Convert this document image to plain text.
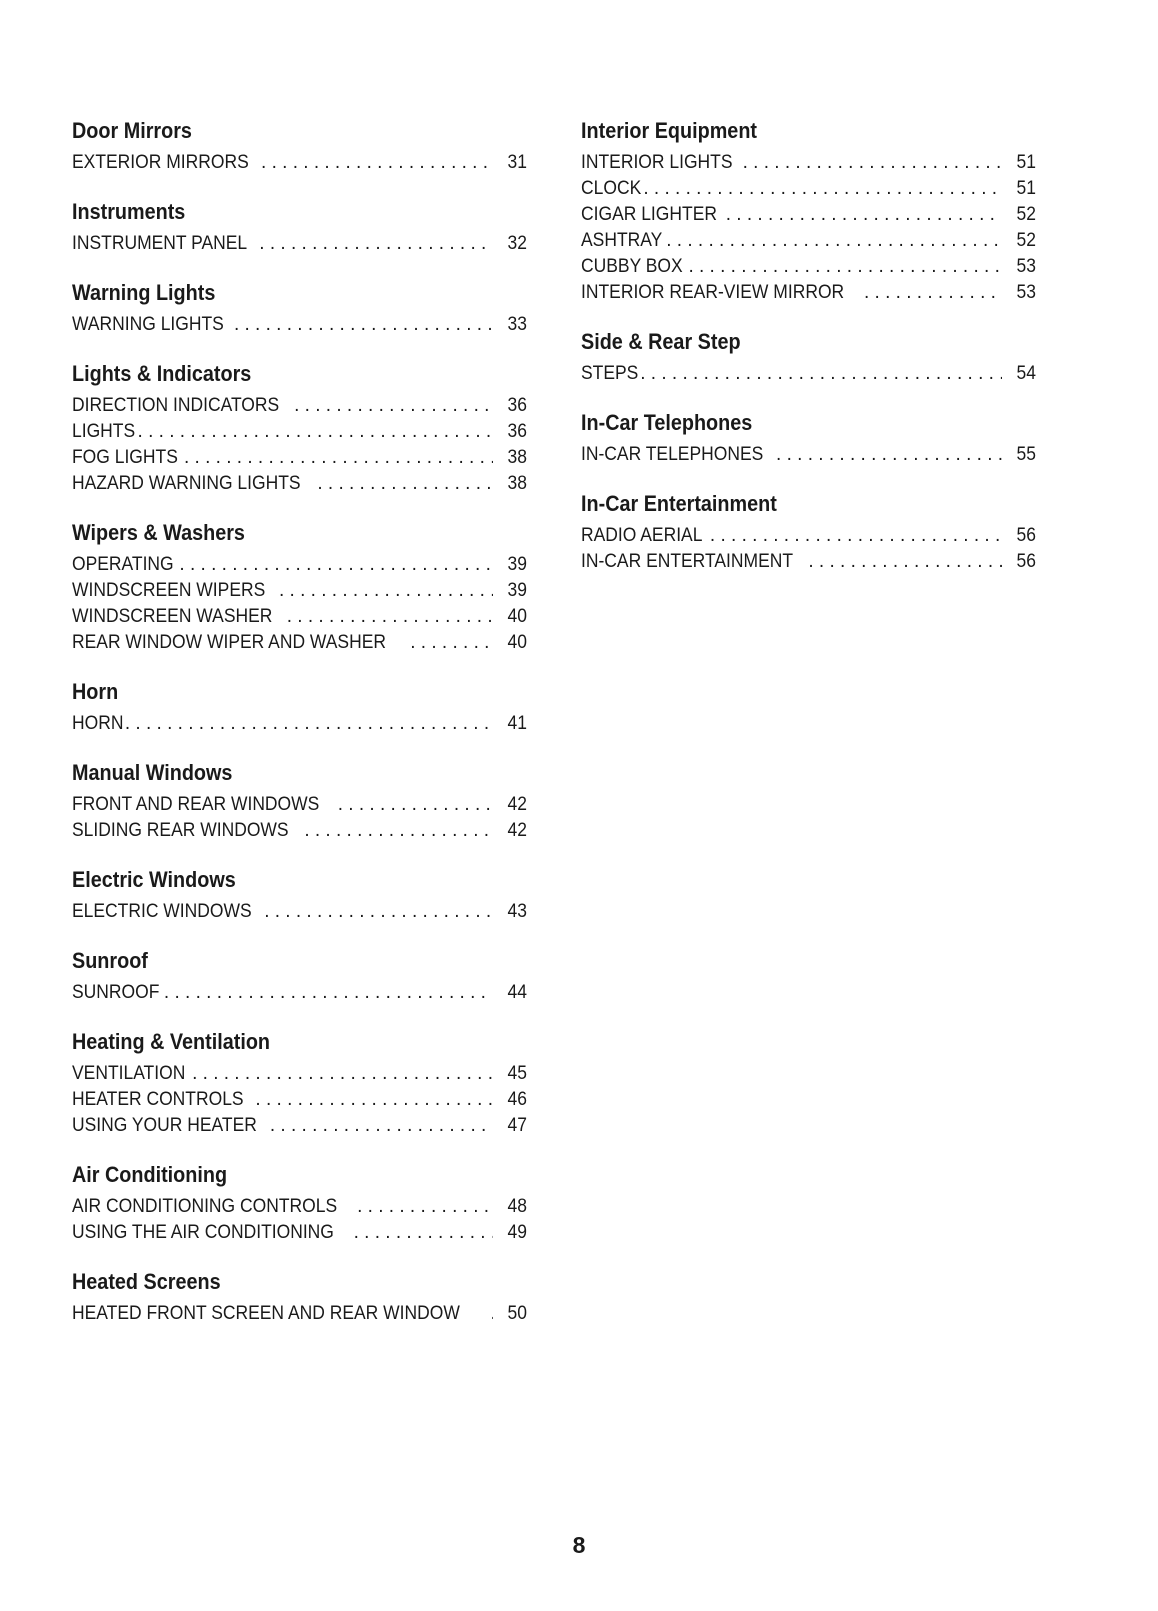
Door Mirrors
EXTERIOR MIRRORS . . .	31
Instruments
INSTRUMENT PANEL . . .	32
Warning Lights
WARNING LIGHTS . . .	33
Lights & Indicators
DIRECTION INDICATORS . . .	36
LIGHTS . . .	36
FOG LIGHTS . . .	38
HAZARD WARNING LIGHTS . . .	38
Wipers & Washers
OPERATING . . .	39
WINDSCREEN WIPERS . . .	39
WINDSCREEN WASHER . . .	40
REAR WINDOW WIPER AND WASHER . . .	40
Horn
HORN . . .	41
Manual Windows
FRONT AND REAR WINDOWS . . .	42
SLIDING REAR WINDOWS . . .	42
Electric Windows
ELECTRIC WINDOWS . . .	43
Sunroof
SUNROOF . . .	44
Heating & Ventilation
VENTILATION . . .	45
HEATER CONTROLS . . .	46
USING YOUR HEATER . . .	47
Air Conditioning
AIR CONDITIONING CONTROLS . . .	48
USING THE AIR CONDITIONING . . .	49
Heated Screens
HEATED FRONT SCREEN AND REAR WINDOW . . .	50
Interior Equipment
INTERIOR LIGHTS . . .	51
CLOCK . . .	51
CIGAR LIGHTER . . .	52
ASHTRAY . . .	52
CUBBY BOX . . .	53
INTERIOR REAR-VIEW MIRROR . . .	53
Side & Rear Step
STEPS . . .	54
In-Car Telephones
IN-CAR TELEPHONES . . .	55
In-Car Entertainment
RADIO AERIAL . . .	56
IN-CAR ENTERTAINMENT . . .	56
8
